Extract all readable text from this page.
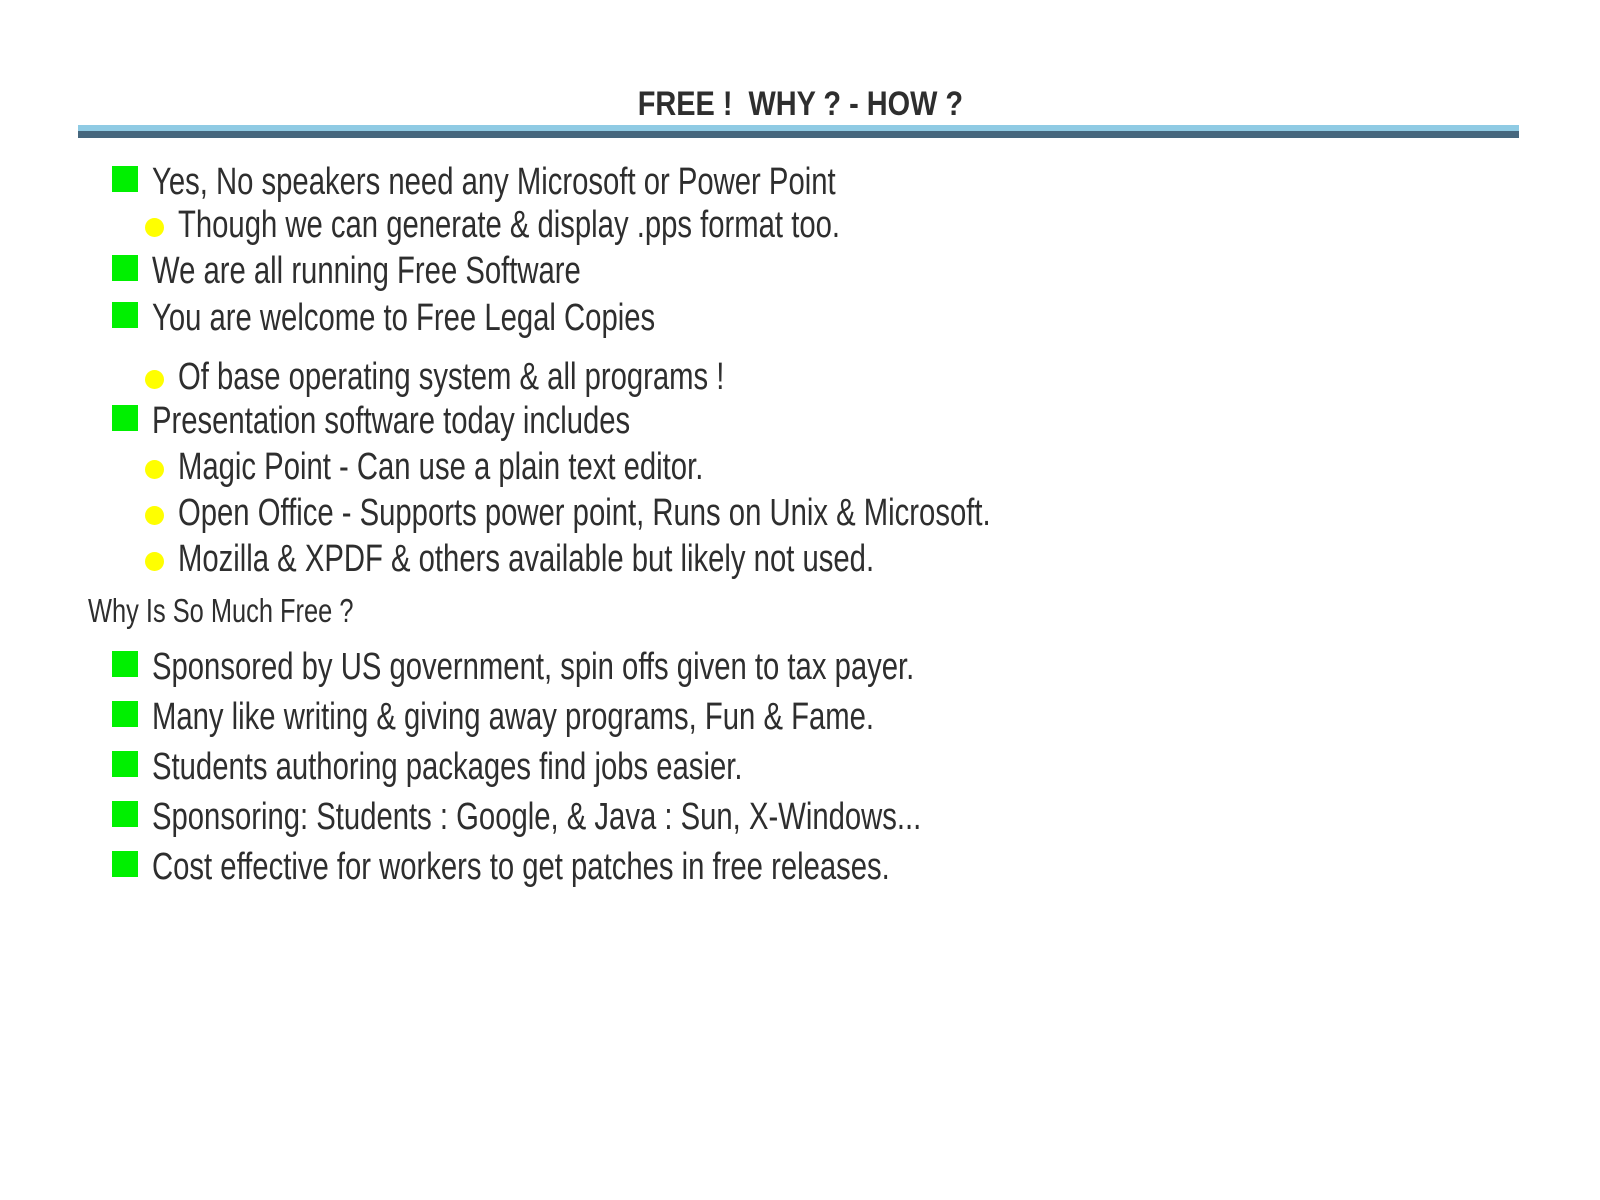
FREE !  WHY ? - HOW ?
Yes, No speakers need any Microsoft or Power Point
Though we can generate & display .pps format too.
We are all running Free Software
You are welcome to Free Legal Copies
Of base operating system & all programs !
Presentation software today includes
Magic Point - Can use a plain text editor.
Open Office - Supports power point, Runs on Unix & Microsoft.
Mozilla & XPDF & others available but likely not used.
Why Is So Much Free ?
Sponsored by US government, spin offs given to tax payer.
Many like writing & giving away programs, Fun & Fame.
Students authoring packages find jobs easier.
Sponsoring: Students : Google, & Java : Sun, X-Windows...
Cost effective for workers to get patches in free releases.
